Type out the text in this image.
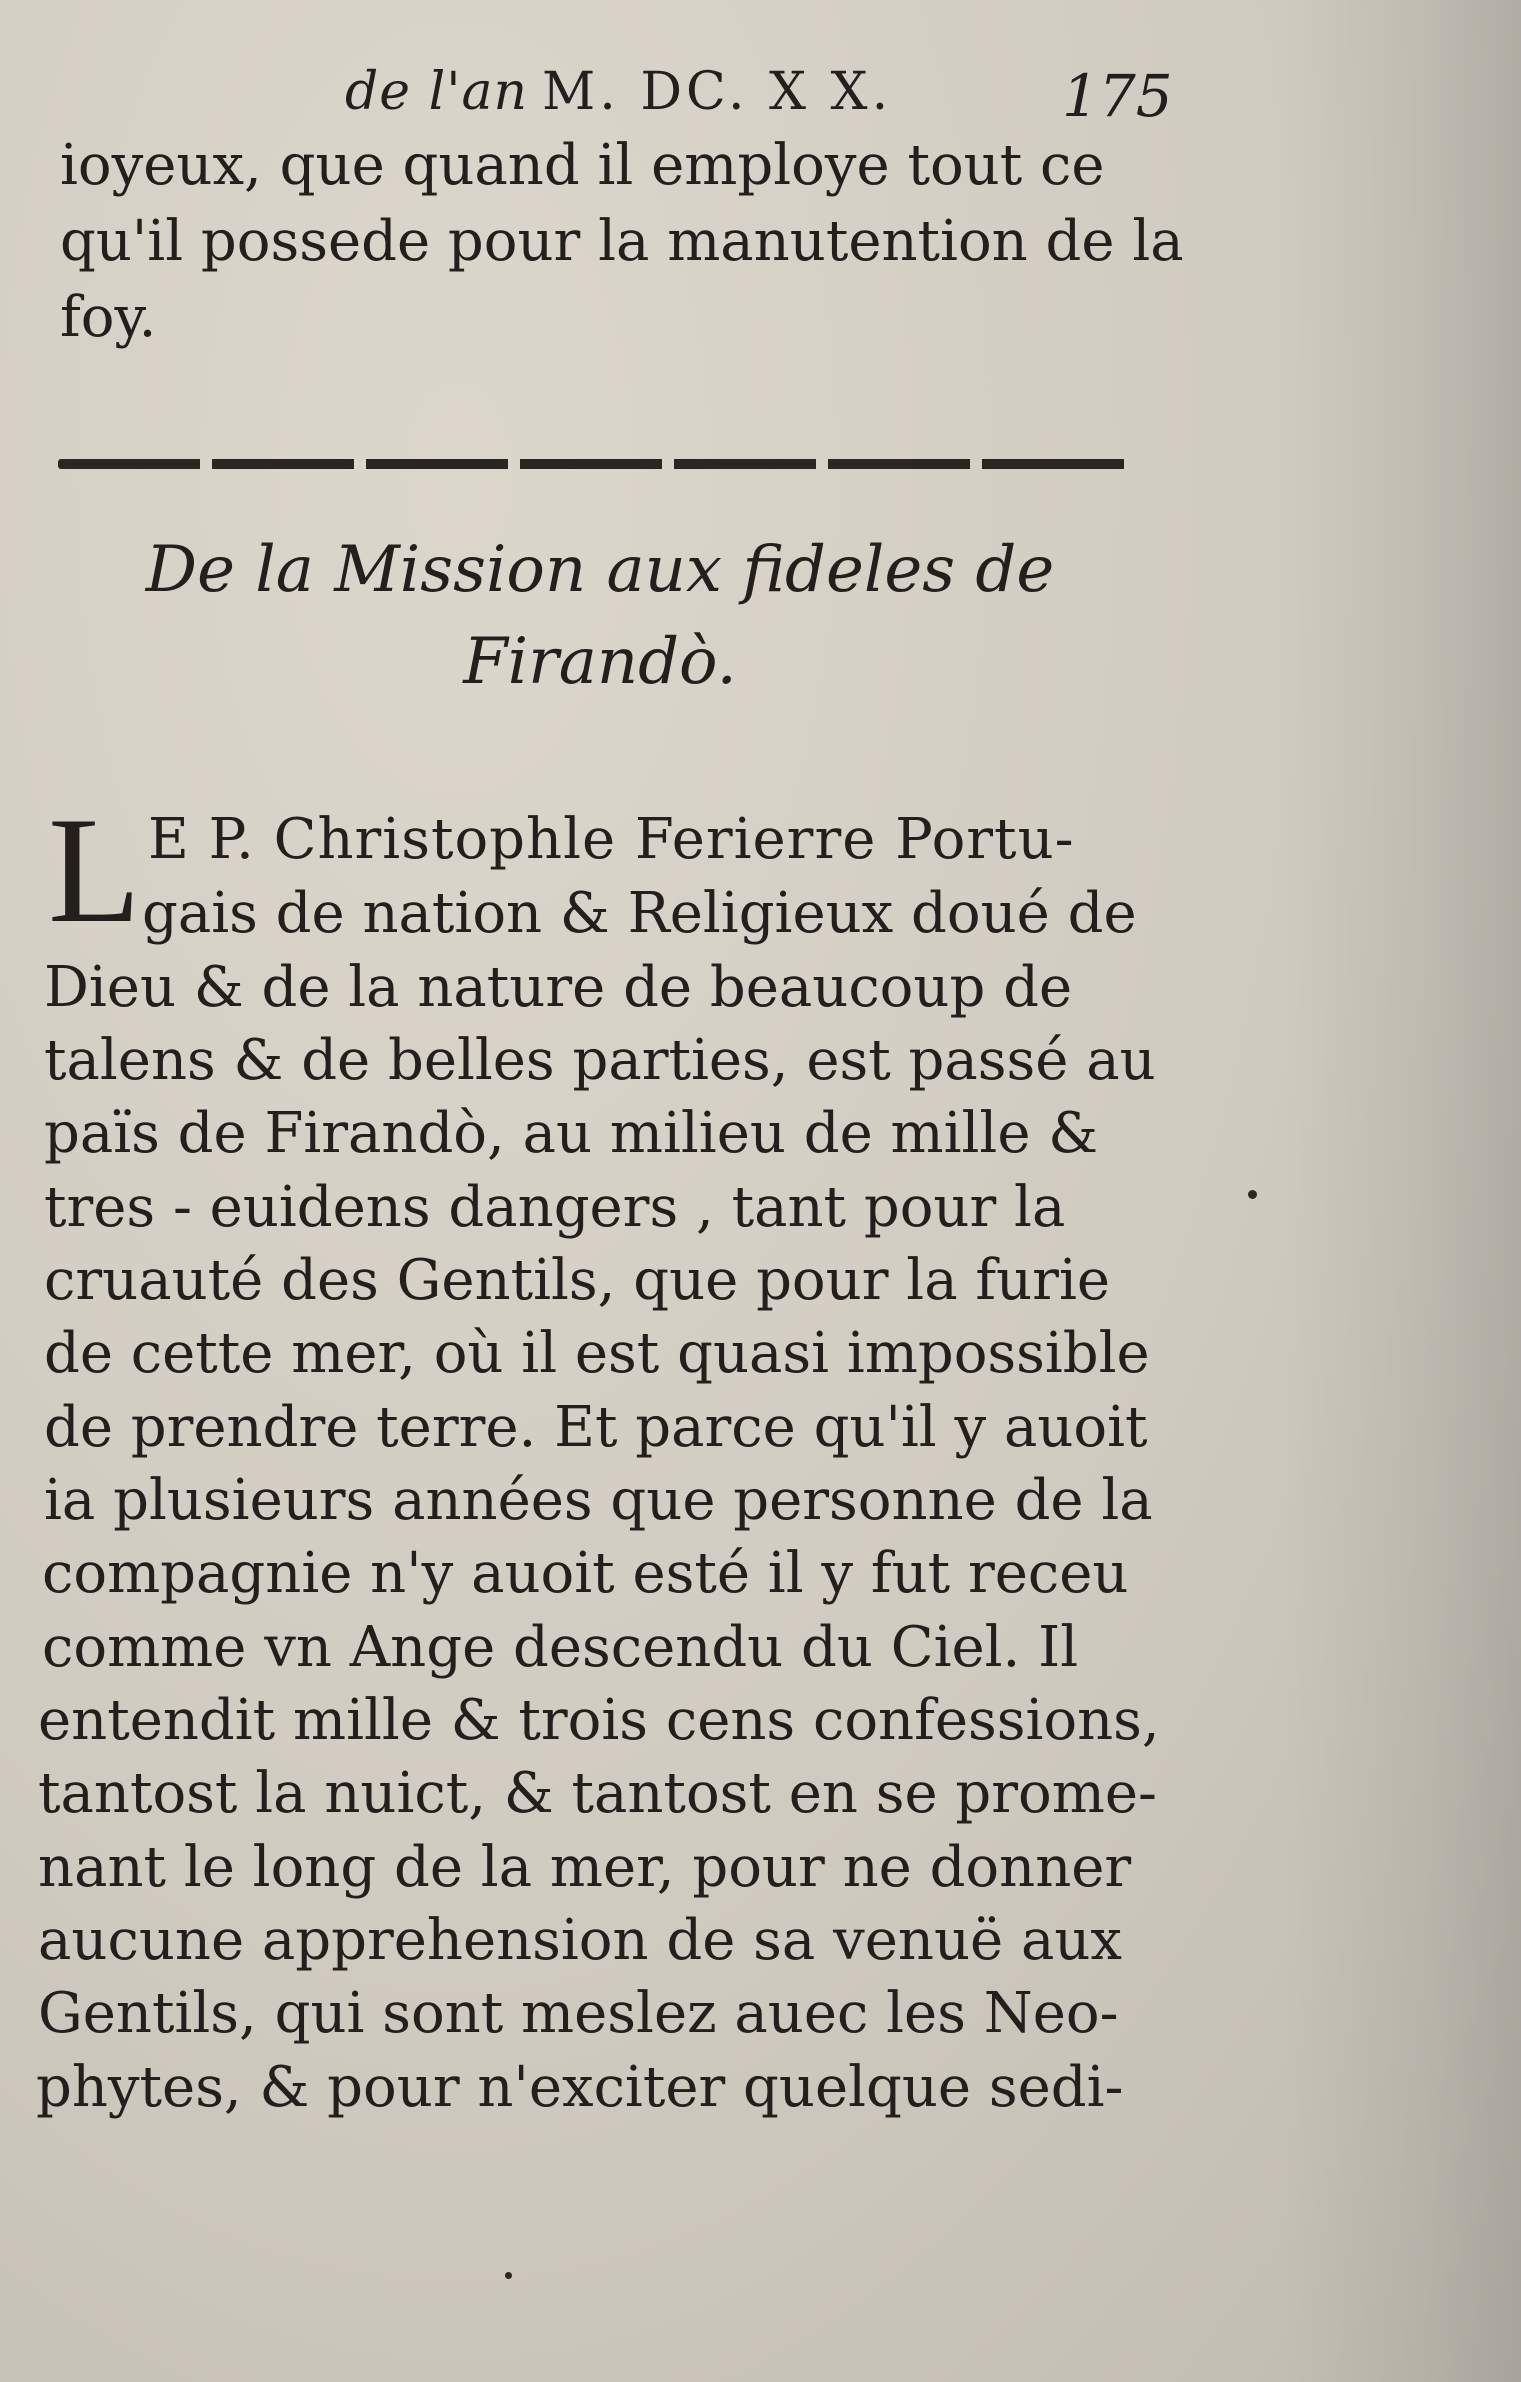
de l'an M. DC. X X.	175
ioyeux, que quand il employe tout ce
qu'il possede pour la manutention de la
foy.
De la Mission aux fideles de
Firandò.
L E P. Christophle Ferierre Portu-
gais de nation & Religieux doué de
Dieu & de la nature de beaucoup de
talens & de belles parties, est passé au
païs de Firandò, au milieu de mille &
tres - euidens dangers , tant pour la
cruauté des Gentils, que pour la furie
de cette mer, où il est quasi impossible
de prendre terre. Et parce qu'il y auoit
ia plusieurs années que personne de la
compagnie n'y auoit esté il y fut receu
comme vn Ange descendu du Ciel. Il
entendit mille & trois cens confessions,
tantost la nuict, & tantost en se prome-
nant le long de la mer, pour ne donner
aucune apprehension de sa venuë aux
Gentils, qui sont meslez auec les Neo-
phytes, & pour n'exciter quelque sedi-
